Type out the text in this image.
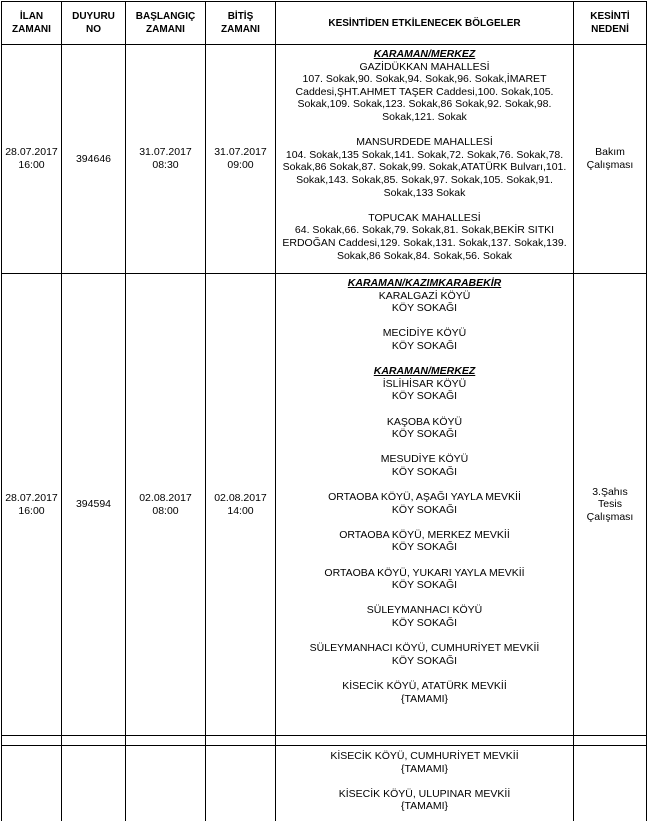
İLAN
ZAMANI
DUYURU
NO
BAŞLANGIÇ
ZAMANI
BİTİŞ
ZAMANI
KESİNTİDEN ETKİLENECEK BÖLGELER
KESİNTİ
NEDENİ
28.07.2017
16:00
394646
31.07.2017
08:30
31.07.2017
09:00
KARAMAN/MERKEZ
GAZİDÜKKAN MAHALLESİ
107. Sokak,90. Sokak,94. Sokak,96. Sokak,İMARET
Caddesi,ŞHT.AHMET TAŞER Caddesi,100. Sokak,105.
Sokak,109. Sokak,123. Sokak,86 Sokak,92. Sokak,98.
Sokak,121. Sokak
MANSURDEDE MAHALLESİ
104. Sokak,135 Sokak,141. Sokak,72. Sokak,76. Sokak,78.
Sokak,86 Sokak,87. Sokak,99. Sokak,ATATÜRK Bulvarı,101.
Sokak,143. Sokak,85. Sokak,97. Sokak,105. Sokak,91.
Sokak,133 Sokak
TOPUCAK MAHALLESİ
64. Sokak,66. Sokak,79. Sokak,81. Sokak,BEKİR SITKI
ERDOĞAN Caddesi,129. Sokak,131. Sokak,137. Sokak,139.
Sokak,86 Sokak,84. Sokak,56. Sokak
Bakım
Çalışması
28.07.2017
16:00
394594
02.08.2017
08:00
02.08.2017
14:00
KARAMAN/KAZIMKARABEKİR
KARALGAZİ KÖYÜ
KÖY SOKAĞI
MECİDİYE KÖYÜ
KÖY SOKAĞI
KARAMAN/MERKEZ
İSLİHİSAR KÖYÜ
KÖY SOKAĞI
KAŞOBA KÖYÜ
KÖY SOKAĞI
MESUDİYE KÖYÜ
KÖY SOKAĞI
ORTAOBA KÖYÜ, AŞAĞI YAYLA MEVKİİ
KÖY SOKAĞI
ORTAOBA KÖYÜ, MERKEZ MEVKİİ
KÖY SOKAĞI
ORTAOBA KÖYÜ, YUKARI YAYLA MEVKİİ
KÖY SOKAĞI
SÜLEYMANHACI KÖYÜ
KÖY SOKAĞI
SÜLEYMANHACI KÖYÜ, CUMHURİYET MEVKİİ
KÖY SOKAĞI
KİSECİK KÖYÜ, ATATÜRK MEVKİİ
{TAMAMI}
3.Şahıs
Tesis
Çalışması
KİSECİK KÖYÜ, CUMHURİYET MEVKİİ
{TAMAMI}
KİSECİK KÖYÜ, ULUPINAR MEVKİİ
{TAMAMI}
